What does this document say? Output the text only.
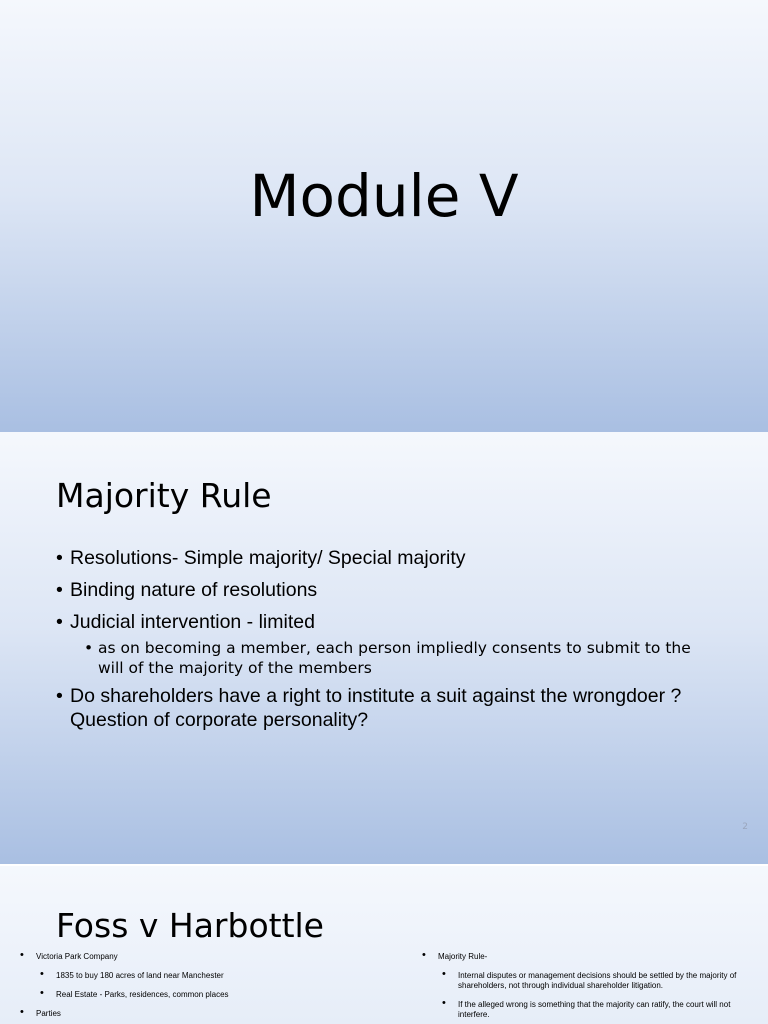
Module V
Majority Rule
• Resolutions- Simple majority/ Special majority
• Binding nature of resolutions
• Judicial intervention - limited
• as on becoming a member, each person impliedly consents to submit to the will of the majority of the members
• Do shareholders have a right to institute a suit against the wrongdoer ? Question of corporate personality?
2
Foss v Harbottle
• Victoria Park Company
• 1835 to buy 180 acres of land near Manchester
• Real Estate - Parks, residences, common places
• Parties
• Majority Rule-
• Internal disputes or management decisions should be settled by the majority of shareholders, not through individual shareholder litigation.
• If the alleged wrong is something that the majority can ratify, the court will not interfere.
